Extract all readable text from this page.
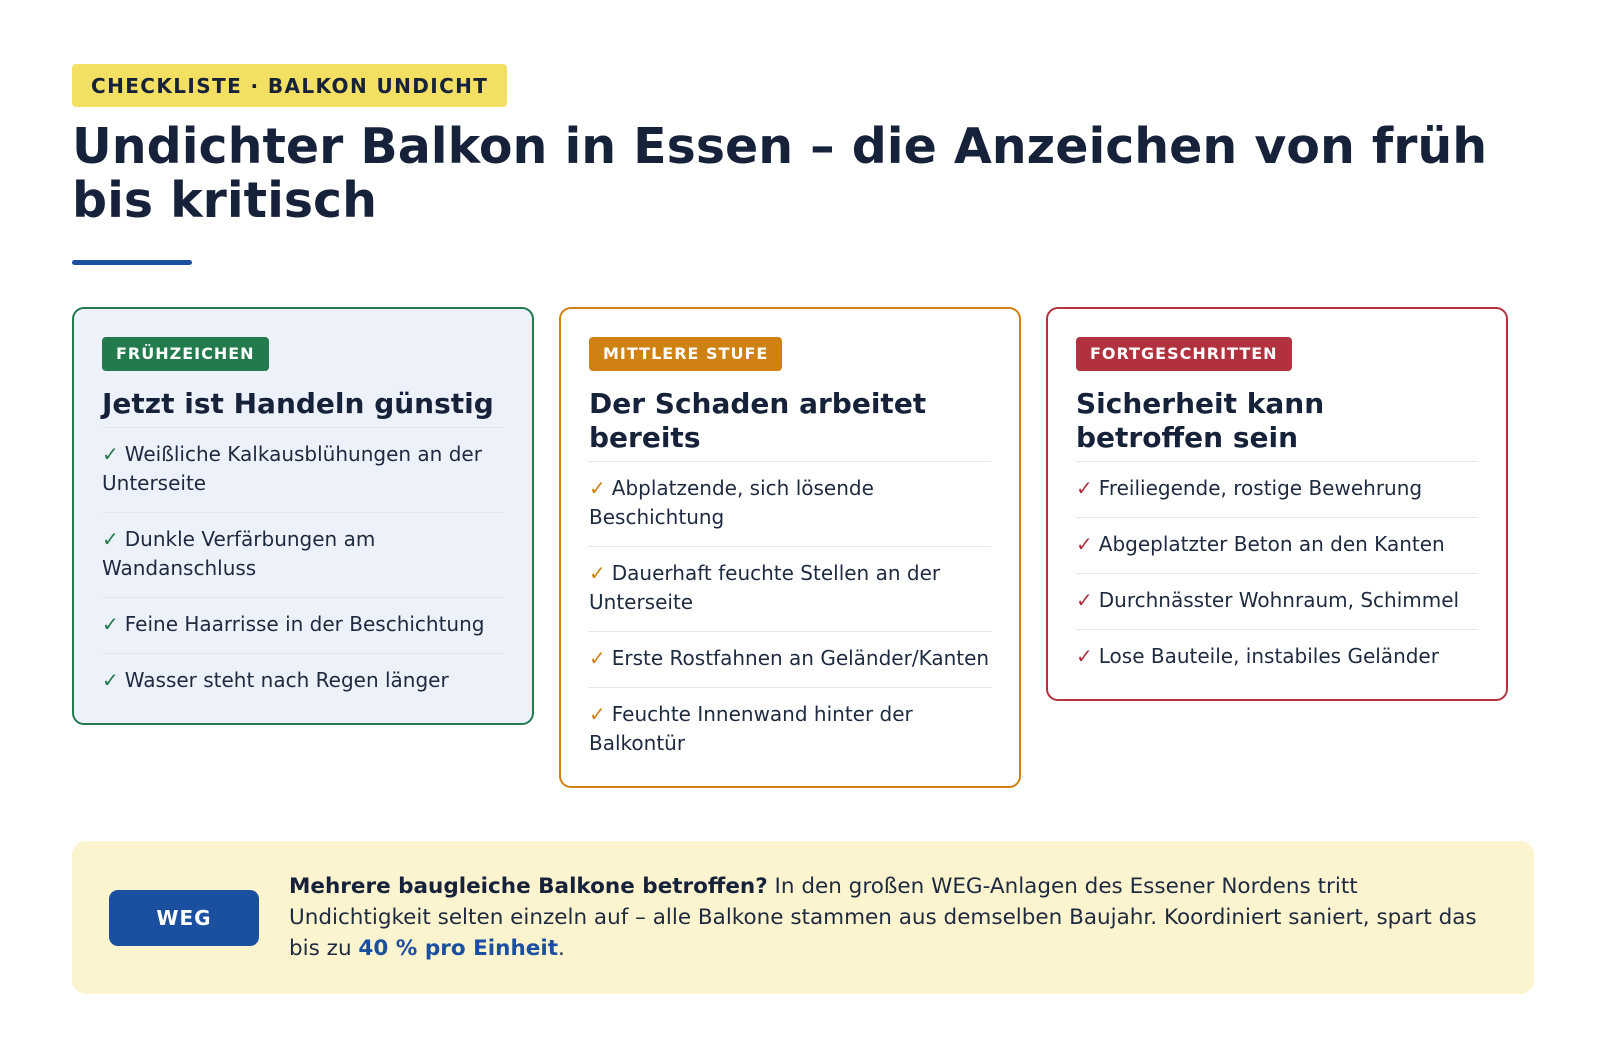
CHECKLISTE · BALKON UNDICHT
Undichter Balkon in Essen – die Anzeichen von früh bis kritisch
FRÜHZEICHEN
Jetzt ist Handeln günstig
✓ Weißliche Kalkausblühungen an der Unterseite
✓ Dunkle Verfärbungen am Wandanschluss
✓ Feine Haarrisse in der Beschichtung
✓ Wasser steht nach Regen länger
MITTLERE STUFE
Der Schaden arbeitet bereits
✓ Abplatzende, sich lösende Beschichtung
✓ Dauerhaft feuchte Stellen an der Unterseite
✓ Erste Rostfahnen an Geländer/Kanten
✓ Feuchte Innenwand hinter der Balkontür
FORTGESCHRITTEN
Sicherheit kann betroffen sein
✓ Freiliegende, rostige Bewehrung
✓ Abgeplatzter Beton an den Kanten
✓ Durchnässter Wohnraum, Schimmel
✓ Lose Bauteile, instabiles Geländer
WEG

Mehrere baugleiche Balkone betroffen? In den großen WEG-Anlagen des Essener Nordens tritt Undichtigkeit selten einzeln auf – alle Balkone stammen aus demselben Baujahr. Koordiniert saniert, spart das bis zu 40 % pro Einheit.
